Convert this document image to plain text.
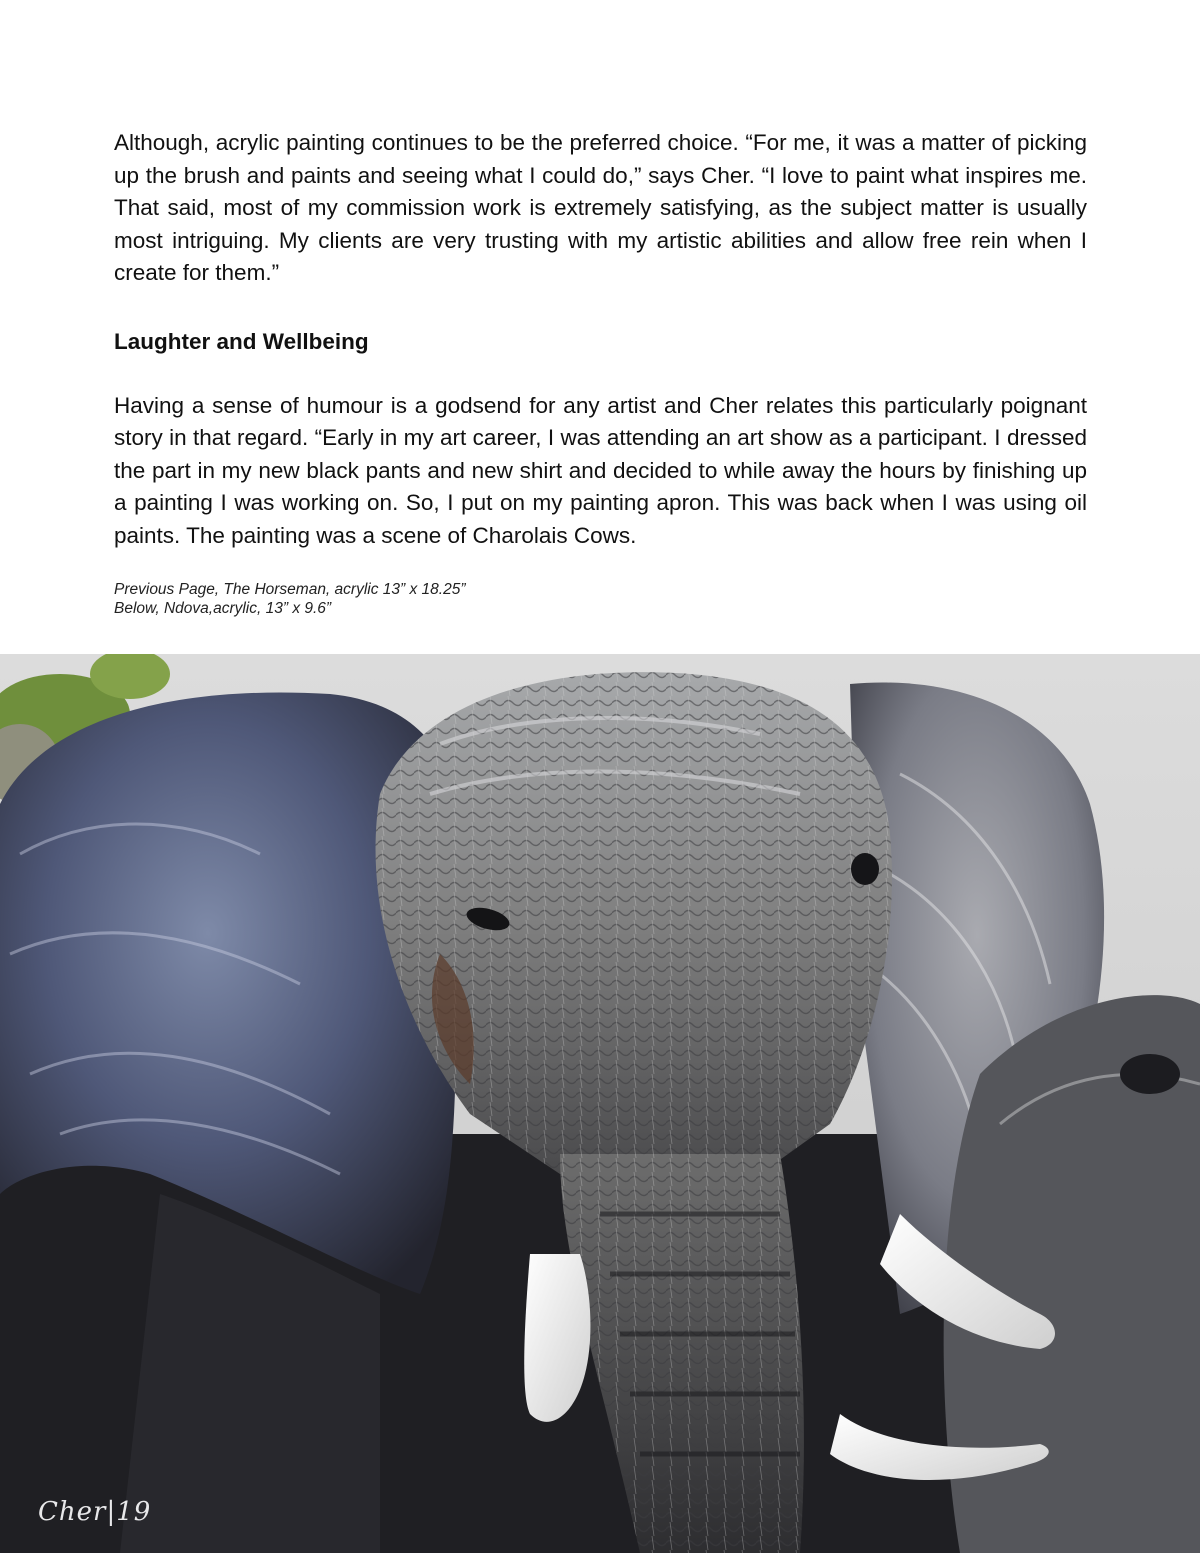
Although, acrylic painting continues to be the preferred choice. “For me, it was a matter of picking up the brush and paints and seeing what I could do,” says Cher. “I love to paint what inspires me. That said, most of my commission work is extremely satisfying, as the subject matter is usually most intriguing. My clients are very trusting with my artistic abilities and allow free rein when I create for them.”

Laughter and Wellbeing

Having a sense of humour is a godsend for any artist and Cher relates this particularly poignant story in that regard. “Early in my art career, I was attending an art show as a participant. I dressed the part in my new black pants and new shirt and decided to while away the hours by finishing up a painting I was working on. So, I put on my painting apron. This was back when I was using oil paints. The painting was a scene of Charolais Cows.

Previous Page, The Horseman, acrylic 13” x 18.25”
Below, Ndova,acrylic, 13” x 9.6”
Cher|19
